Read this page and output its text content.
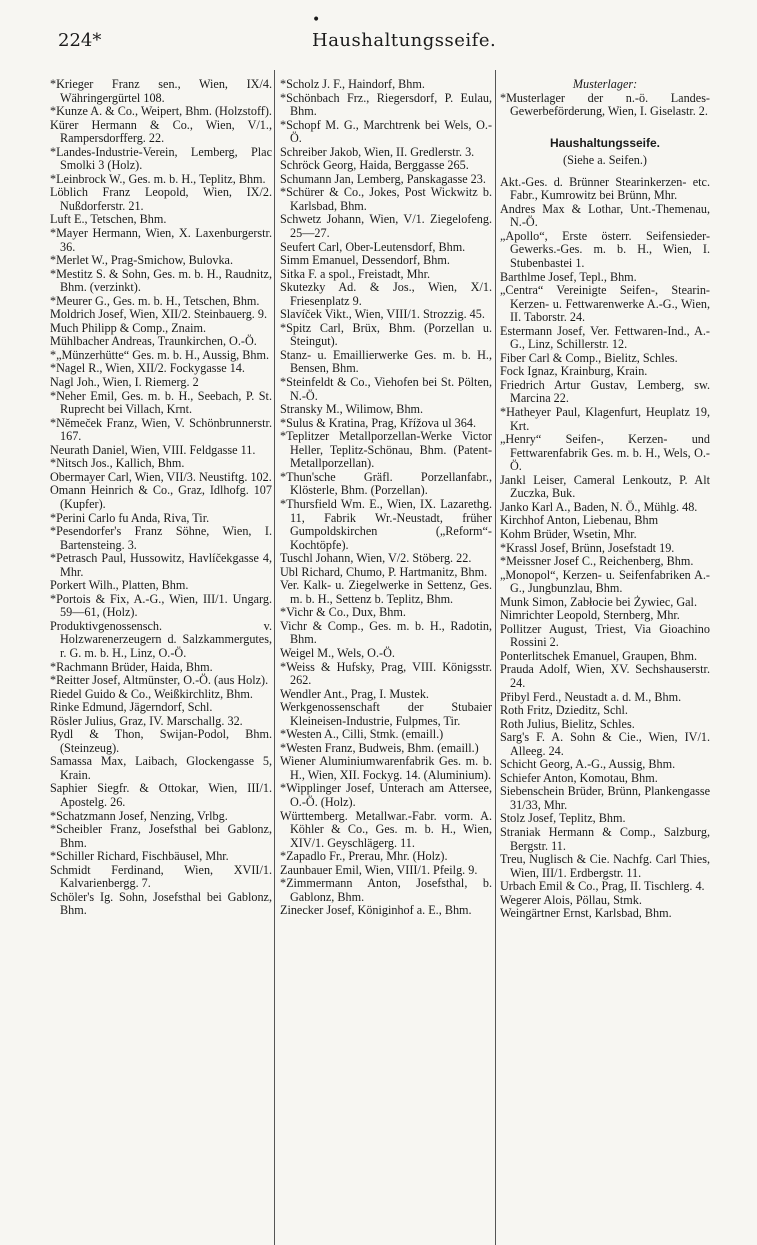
•
224*	Haushaltungsseife.

*Krieger Franz sen., Wien, IX/4. Währingergürtel 108.

*Kunze A. & Co., Weipert, Bhm. (Holzstoff).

Kürer Hermann & Co., Wien, V/1., Rampersdorfferg. 22.

*Landes-Industrie-Verein, Lemberg, Plac Smolki 3 (Holz).

*Leinbrock W., Ges. m. b. H., Teplitz, Bhm.

Löblich Franz Leopold, Wien, IX/2. Nußdorferstr. 21.

Luft E., Tetschen, Bhm.

*Mayer Hermann, Wien, X. Laxenburgerstr. 36.

*Merlet W., Prag-Smichow, Bulovka.

*Mestitz S. & Sohn, Ges. m. b. H., Raudnitz, Bhm. (verzinkt).

*Meurer G., Ges. m. b. H., Tetschen, Bhm.

Moldrich Josef, Wien, XII/2. Steinbauerg. 9.

Much Philipp & Comp., Znaim.

Mühlbacher Andreas, Traunkirchen, O.-Ö.

*„Münzerhütte“ Ges. m. b. H., Aussig, Bhm.

*Nagel R., Wien, XII/2. Fockygasse 14.

Nagl Joh., Wien, I. Riemerg. 2

*Neher Emil, Ges. m. b. H., Seebach, P. St. Ruprecht bei Villach, Krnt.

*Němeček Franz, Wien, V. Schönbrunnerstr. 167.

Neurath Daniel, Wien, VIII. Feldgasse 11.

*Nitsch Jos., Kallich, Bhm.

Obermayer Carl, Wien, VII/3. Neustiftg. 102.

Omann Heinrich & Co., Graz, Idlhofg. 107 (Kupfer).

*Perini Carlo fu Anda, Riva, Tir.

*Pesendorfer's Franz Söhne, Wien, I. Bartensteing. 3.

*Petrasch Paul, Hussowitz, Havlíčekgasse 4, Mhr.

Porkert Wilh., Platten, Bhm.

*Portois & Fix, A.-G., Wien, III/1. Ungarg. 59—61, (Holz).

Produktivgenossensch. v. Holzwarenerzeugern d. Salzkammergutes, r. G. m. b. H., Linz, O.-Ö.

*Rachmann Brüder, Haida, Bhm.

*Reitter Josef, Altmünster, O.-Ö. (aus Holz).

Riedel Guido & Co., Weißkirchlitz, Bhm.

Rinke Edmund, Jägerndorf, Schl.

Rösler Julius, Graz, IV. Marschallg. 32.

Rydl & Thon, Swijan-Podol, Bhm. (Steinzeug).

Samassa Max, Laibach, Glockengasse 5, Krain.

Saphier Siegfr. & Ottokar, Wien, III/1. Apostelg. 26.

*Schatzmann Josef, Nenzing, Vrlbg.

*Scheibler Franz, Josefsthal bei Gablonz, Bhm.

*Schiller Richard, Fischbäusel, Mhr.

Schmidt Ferdinand, Wien, XVII/1. Kalvarienbergg. 7.

Schöler's Ig. Sohn, Josefsthal bei Gablonz, Bhm.

*Scholz J. F., Haindorf, Bhm.

*Schönbach Frz., Riegersdorf, P. Eulau, Bhm.

*Schopf M. G., Marchtrenk bei Wels, O.-Ö.

Schreiber Jakob, Wien, II. Gredlerstr. 3.

Schröck Georg, Haida, Berggasse 265.

Schumann Jan, Lemberg, Panskagasse 23.

*Schürer & Co., Jokes, Post Wickwitz b. Karlsbad, Bhm.

Schwetz Johann, Wien, V/1. Ziegelofeng. 25—27.

Seufert Carl, Ober-Leutensdorf, Bhm.

Simm Emanuel, Dessendorf, Bhm.

Sitka F. a spol., Freistadt, Mhr.

Skutezky Ad. & Jos., Wien, X/1. Friesenplatz 9.

Slavíček Vikt., Wien, VIII/1. Strozzig. 45.

*Spitz Carl, Brüx, Bhm. (Porzellan u. Steingut).

Stanz- u. Emaillierwerke Ges. m. b. H., Bensen, Bhm.

*Steinfeldt & Co., Viehofen bei St. Pölten, N.-Ö.

Stransky M., Wilimow, Bhm.

*Sulus & Kratina, Prag, Křížova ul 364.

*Teplitzer Metallporzellan-Werke Victor Heller, Teplitz-Schönau, Bhm. (Patent-Metallporzellan).

*Thun'sche Gräfl. Porzellanfabr., Klösterle, Bhm. (Porzellan).

*Thursfield Wm. E., Wien, IX. Lazarethg. 11, Fabrik Wr.-Neustadt, früher Gumpoldskirchen („Reform“-Kochtöpfe).

Tuschl Johann, Wien, V/2. Stöberg. 22.

Ubl Richard, Chumo, P. Hartmanitz, Bhm.

Ver. Kalk- u. Ziegelwerke in Settenz, Ges. m. b. H., Settenz b. Teplitz, Bhm.

*Vichr & Co., Dux, Bhm.

Vichr & Comp., Ges. m. b. H., Radotin, Bhm.

Weigel M., Wels, O.-Ö.

*Weiss & Hufsky, Prag, VIII. Königsstr. 262.

Wendler Ant., Prag, I. Mustek.

Werkgenossenschaft der Stubaier Kleineisen-Industrie, Fulpmes, Tir.

*Westen A., Cilli, Stmk. (emaill.)

*Westen Franz, Budweis, Bhm. (emaill.)

Wiener Aluminiumwarenfabrik Ges. m. b. H., Wien, XII. Fockyg. 14. (Aluminium).

*Wipplinger Josef, Unterach am Attersee, O.-Ö. (Holz).

Württemberg. Metallwar.-Fabr. vorm. A. Köhler & Co., Ges. m. b. H., Wien, XIV/1. Geyschlägerg. 11.

*Zapadlo Fr., Prerau, Mhr. (Holz).

Zaunbauer Emil, Wien, VIII/1. Pfeilg. 9.

*Zimmermann Anton, Josefsthal, b. Gablonz, Bhm.

Zinecker Josef, Königinhof a. E., Bhm.

Musterlager:

*Musterlager der n.-ö. Landes-Gewerbeförderung, Wien, I. Giselastr. 2.

Haushaltungsseife.

(Siehe a. Seifen.)

Akt.-Ges. d. Brünner Stearinkerzen- etc. Fabr., Kumrowitz bei Brünn, Mhr.

Andres Max & Lothar, Unt.-Themenau, N.-Ö.

„Apollo“, Erste österr. Seifensieder-Gewerks.-Ges. m. b. H., Wien, I. Stubenbastei 1.

Barthlme Josef, Tepl., Bhm.

„Centra“ Vereinigte Seifen-, Stearin-Kerzen- u. Fettwarenwerke A.-G., Wien, II. Taborstr. 24.

Estermann Josef, Ver. Fettwaren-Ind., A.-G., Linz, Schillerstr. 12.

Fiber Carl & Comp., Bielitz, Schles.

Fock Ignaz, Krainburg, Krain.

Friedrich Artur Gustav, Lemberg, sw. Marcina 22.

*Hatheyer Paul, Klagenfurt, Heuplatz 19, Krt.

„Henry“ Seifen-, Kerzen- und Fettwarenfabrik Ges. m. b. H., Wels, O.-Ö.

Jankl Leiser, Cameral Lenkoutz, P. Alt Zuczka, Buk.

Janko Karl A., Baden, N. Ö., Mühlg. 48.

Kirchhof Anton, Liebenau, Bhm

Kohm Brüder, Wsetin, Mhr.

*Krassl Josef, Brünn, Josefstadt 19.

*Meissner Josef C., Reichenberg, Bhm.

„Monopol“, Kerzen- u. Seifenfabriken A.-G., Jungbunzlau, Bhm.

Munk Simon, Zabłocie bei Żywiec, Gal.

Nimrichter Leopold, Sternberg, Mhr.

Pollitzer August, Triest, Via Gioachino Rossini 2.

Ponterlitschek Emanuel, Graupen, Bhm.

Prauda Adolf, Wien, XV. Sechshauserstr. 24.

Přibyl Ferd., Neustadt a. d. M., Bhm.

Roth Fritz, Dzieditz, Schl.

Roth Julius, Bielitz, Schles.

Sarg's F. A. Sohn & Cie., Wien, IV/1. Alleeg. 24.

Schicht Georg, A.-G., Aussig, Bhm.

Schiefer Anton, Komotau, Bhm.

Siebenschein Brüder, Brünn, Plankengasse 31/33, Mhr.

Stolz Josef, Teplitz, Bhm.

Straniak Hermann & Comp., Salzburg, Bergstr. 11.

Treu, Nuglisch & Cie. Nachfg. Carl Thies, Wien, III/1. Erdbergstr. 11.

Urbach Emil & Co., Prag, II. Tischlerg. 4.

Wegerer Alois, Pöllau, Stmk.

Weingärtner Ernst, Karlsbad, Bhm.
